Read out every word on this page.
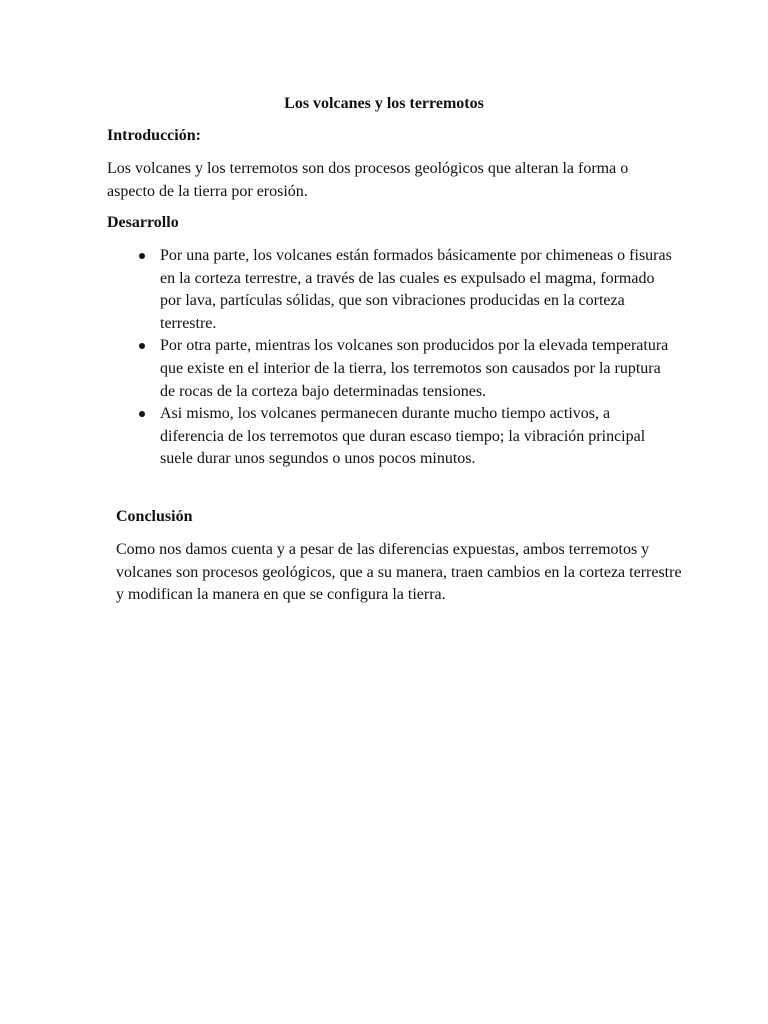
Los volcanes y los terremotos
Introducción:

Los volcanes y los terremotos son dos procesos geológicos que alteran la forma o aspecto de la tierra por erosión.

Desarrollo
Por una parte, los volcanes están formados básicamente por chimeneas o fisuras en la corteza terrestre, a través de las cuales es expulsado el magma, formado por lava, partículas sólidas, que son vibraciones producidas en la corteza terrestre.
Por otra parte, mientras los volcanes son producidos por la elevada temperatura que existe en el interior de la tierra, los terremotos son causados por la ruptura de rocas de la corteza bajo determinadas tensiones.
Asi mismo, los volcanes permanecen durante mucho tiempo activos, a diferencia de los terremotos que duran escaso tiempo; la vibración principal suele durar unos segundos o unos pocos minutos.
Conclusión

Como nos damos cuenta y a pesar de las diferencias expuestas, ambos terremotos y volcanes son procesos geológicos, que a su manera, traen cambios en la corteza terrestre y modifican la manera en que se configura la tierra.
